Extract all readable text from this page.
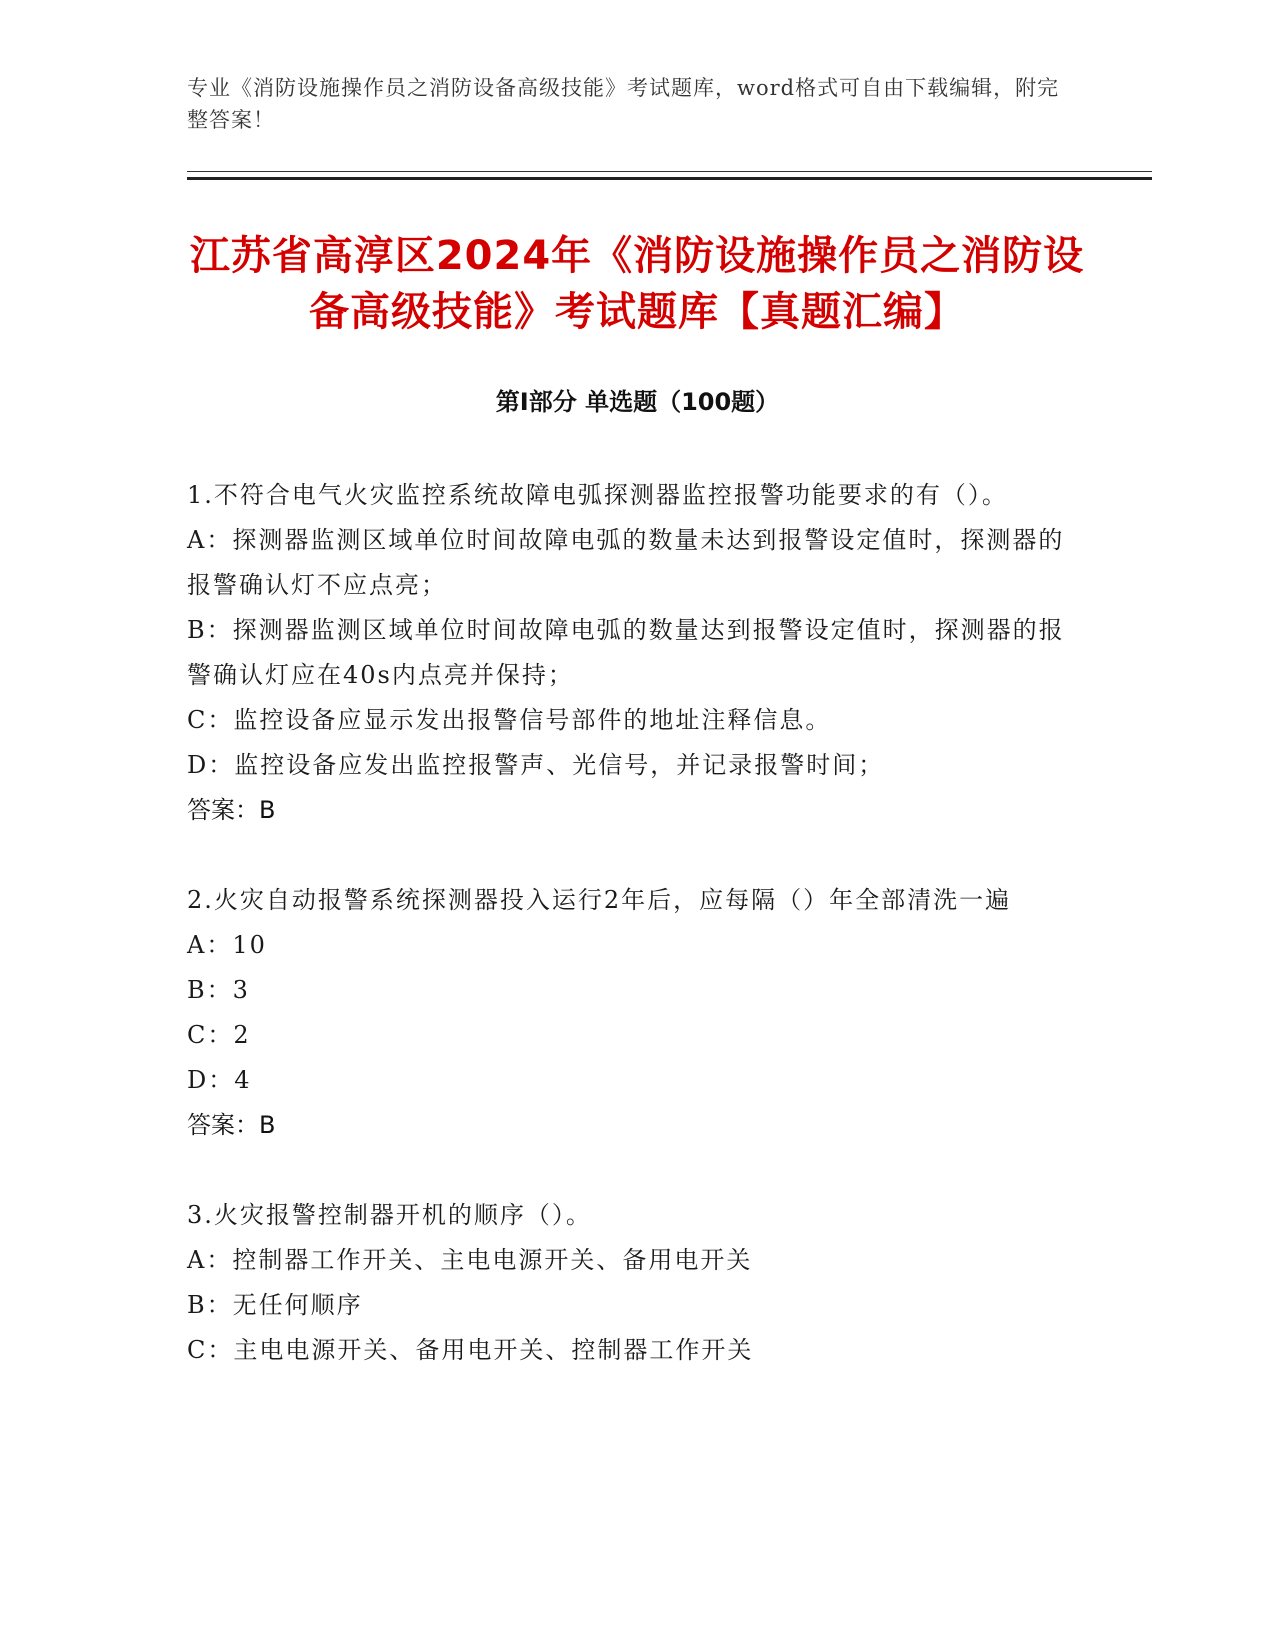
专业《消防设施操作员之消防设备高级技能》考试题库，word格式可自由下载编辑，附完整答案！
江苏省高淳区2024年《消防设施操作员之消防设备高级技能》考试题库【真题汇编】
第Ⅰ部分 单选题（100题）
1.不符合电气火灾监控系统故障电弧探测器监控报警功能要求的有（）。
A：探测器监测区域单位时间故障电弧的数量未达到报警设定值时，探测器的报警确认灯不应点亮；
B：探测器监测区域单位时间故障电弧的数量达到报警设定值时，探测器的报警确认灯应在40s内点亮并保持；
C：监控设备应显示发出报警信号部件的地址注释信息。
D：监控设备应发出监控报警声、光信号，并记录报警时间；
答案：B
2.火灾自动报警系统探测器投入运行2年后，应每隔（）年全部清洗一遍
A：10
B：3
C：2
D：4
答案：B
3.火灾报警控制器开机的顺序（）。
A：控制器工作开关、主电电源开关、备用电开关
B：无任何顺序
C：主电电源开关、备用电开关、控制器工作开关
